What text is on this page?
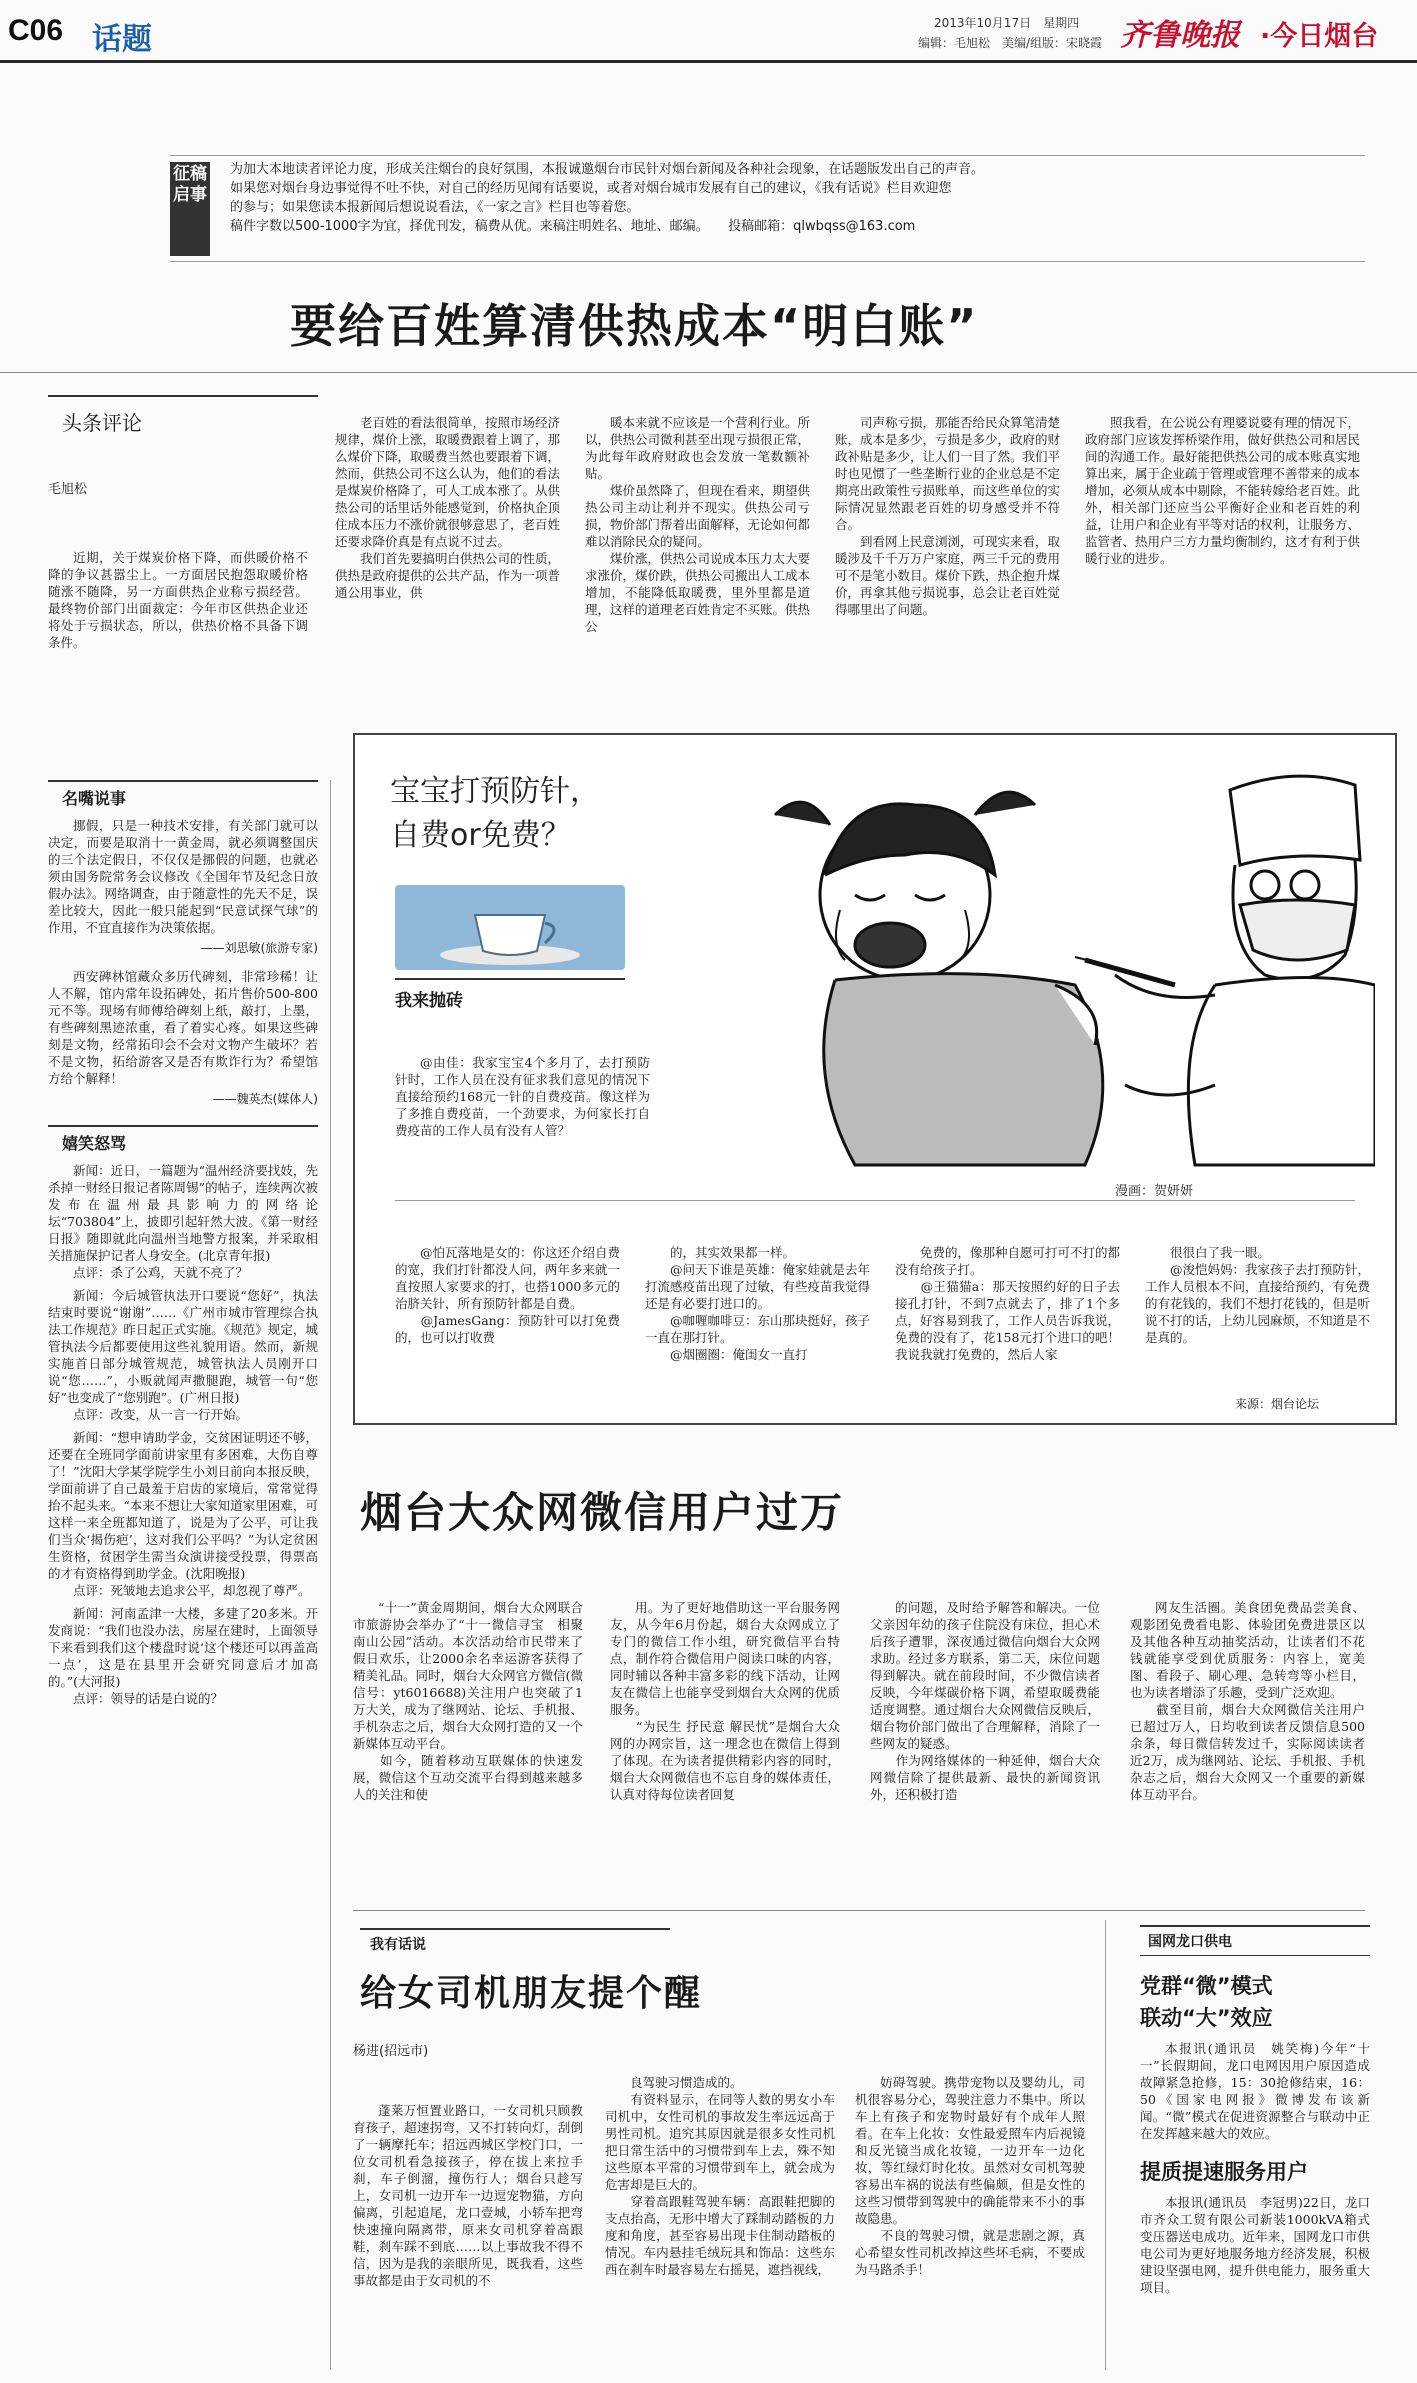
C06 话题	2013年10月17日　星期四
编辑：毛旭松　美编/组版：宋晓霞 齐鲁晚报 ·今日烟台
征稿启事
为加大本地读者评论力度，形成关注烟台的良好氛围，本报诚邀烟台市民针对烟台新闻及各种社会现象，在话题版发出自己的声音。
如果您对烟台身边事觉得不吐不快，对自己的经历见闻有话要说，或者对烟台城市发展有自己的建议，《我有话说》栏目欢迎您
的参与；如果您读本报新闻后想说说看法，《一家之言》栏目也等着您。
稿件字数以500-1000字为宜，择优刊发，稿费从优。来稿注明姓名、地址、邮编。　　投稿邮箱：qlwbqss@163.com
要给百姓算清供热成本“明白账”
头条评论
毛旭松

近期，关于煤炭价格下降，而供暖价格不降的争议甚嚣尘上。一方面居民抱怨取暖价格随涨不随降，另一方面供热企业称亏损经营。最终物价部门出面裁定：今年市区供热企业还将处于亏损状态，所以，供热价格不具备下调条件。

老百姓的看法很简单，按照市场经济规律，煤价上涨，取暖费跟着上调了，那么煤价下降，取暖费当然也要跟着下调，然而，供热公司不这么认为，他们的看法是煤炭价格降了，可人工成本涨了。从供热公司的话里话外能感觉到，价格执企顶住成本压力不涨价就很够意思了，老百姓还要求降价真是有点说不过去。
　　我们首先要搞明白供热公司的性质，供热是政府提供的公共产品，作为一项普通公用事业，供

暖本来就不应该是一个营利行业。所以，供热公司微利甚至出现亏损很正常，为此每年政府财政也会发放一笔数额补贴。
　　煤价虽然降了，但现在看来，期望供热公司主动让利并不现实。供热公司亏损，物价部门帮着出面解释，无论如何都难以消除民众的疑问。
　　煤价涨，供热公司说成本压力太大要求涨价，煤价跌，供热公司搬出人工成本增加，不能降低取暖费，里外里都是道理，这样的道理老百姓肯定不买账。供热公

司声称亏损，那能否给民众算笔清楚账，成本是多少，亏损是多少，政府的财政补贴是多少，让人们一目了然。我们平时也见惯了一些垄断行业的企业总是不定期亮出政策性亏损账单，而这些单位的实际情况显然跟老百姓的切身感受并不符合。
　　到看网上民意浏浏，可现实来看，取暖涉及千千万万户家庭，两三千元的费用可不是笔小数目。煤价下跌，热企抱升煤价，再拿其他亏损说事，总会让老百姓觉得哪里出了问题。

照我看，在公说公有理婆说婆有理的情况下，政府部门应该发挥桥梁作用，做好供热公司和居民间的沟通工作。最好能把供热公司的成本账真实地算出来，属于企业疏于管理或管理不善带来的成本增加，必须从成本中剔除，不能转嫁给老百姓。此外，相关部门还应当公平衡好企业和老百姓的利益，让用户和企业有平等对话的权利，让服务方、监管者、热用户三方力量均衡制约，这才有利于供暖行业的进步。

名嘴说事

挪假，只是一种技术安排，有关部门就可以决定，而要是取消十一黄金周，就必须调整国庆的三个法定假日，不仅仅是挪假的问题，也就必须由国务院常务会议修改《全国年节及纪念日放假办法》。网络调查，由于随意性的先天不足，误差比较大，因此一般只能起到“民意试探气球”的作用，不宜直接作为决策依据。

——刘思敏(旅游专家)

西安碑林馆藏众多历代碑刻，非常珍稀！让人不解，馆内常年设拓碑处，拓片售价500-800元不等。现场有师傅给碑刻上纸，敲打，上墨，有些碑刻黑迹浓重，看了着实心疼。如果这些碑刻是文物，经常拓印会不会对文物产生破坏？若不是文物，拓给游客又是否有欺诈行为？希望馆方给个解释！

——魏英杰(媒体人)
嬉笑怒骂

新闻：近日，一篇题为“温州经济要找妓，先杀掉一财经日报记者陈周锡”的帖子，连续两次被发布在温州最具影响力的网络论坛“703804”上，披即引起轩然大波。《第一财经日报》随即就此向温州当地警方报案，并采取相关措施保护记者人身安全。(北京青年报)

点评：杀了公鸡，天就不亮了？

新闻：今后城管执法开口要说“您好”，执法结束时要说“谢谢”……《广州市城市管理综合执法工作规范》昨日起正式实施。《规范》规定，城管执法今后都要使用这些礼貌用语。然而，新规实施首日部分城管规范，城管执法人员刚开口说“您……”，小贩就闻声撒腿跑，城管一句“您好”也变成了“您别跑”。(广州日报)

点评：改变，从一言一行开始。

新闻：“想申请助学金，交贫困证明还不够，还要在全班同学面前讲家里有多困难，大伤自尊了！”沈阳大学某学院学生小刘日前向本报反映，学面前讲了自己最羞于启齿的家境后，常常觉得抬不起头来。“本来不想让大家知道家里困难，可这样一来全班都知道了，说是为了公平，可让我们当众‘揭伤疤’，这对我们公平吗？”为认定贫困生资格，贫困学生需当众演讲接受投票，得票高的才有资格得到助学金。(沈阳晚报)

点评：死皱地去追求公平，却忽视了尊严。

新闻：河南孟津一大楼，多建了20多米。开发商说：“我们也没办法，房屋在建时，上面领导下来看到我们这个楼盘时说‘这个楼还可以再盖高一点’，这是在县里开会研究同意后才加高的。”(大河报)

点评：领导的话是白说的？

宝宝打预防针，
自费or免费？
我来抛砖

@由佳：我家宝宝4个多月了，去打预防针时，工作人员在没有征求我们意见的情况下直接给预约168元一针的自费疫苗。像这样为了多推自费疫苗，一个劲要求，为何家长打自费疫苗的工作人员有没有人管？

漫画：贺妍妍

@怕瓦落地是女的：你这还介绍自费的宽，我们打针都没人问，两年多来就一直按照人家要求的打，也搭1000多元的治脐关针，所有预防针都是自费。
　　@JamesGang：预防针可以打免费的，也可以打收费

的，其实效果都一样。
　　@问天下谁是英雄：俺家娃就是去年打流感疫苗出现了过敏，有些疫苗我觉得还是有必要打进口的。
　　@咖喱咖啡豆：东山那块挺好，孩子一直在那打针。
　　@烟圈圈：俺闺女一直打

免费的，像那种自愿可打可不打的都没有给孩子打。
　　@王猫猫a：那天按照约好的日子去接孔打针，不到7点就去了，排了1个多点，好容易到我了，工作人员告诉我说，免费的没有了，花158元打个进口的吧！我说我就打免费的，然后人家

很很白了我一眼。
　　@浚恺妈妈：我家孩子去打预防针，工作人员根本不问，直接给预约，有免费的有花钱的，我们不想打花钱的，但是听说不打的话，上幼儿园麻烦，不知道是不是真的。

来源：烟台论坛
烟台大众网微信用户过万

“十一”黄金周期间，烟台大众网联合市旅游协会举办了“十一微信寻宝　相聚南山公园”活动。本次活动给市民带来了假日欢乐，让2000余名幸运游客获得了精美礼品。同时，烟台大众网官方微信(微信号：yt6016688)关注用户也突破了1万大关，成为了继网站、论坛、手机报、手机杂志之后，烟台大众网打造的又一个新媒体互动平台。
　　如今，随着移动互联媒体的快速发展，微信这个互动交流平台得到越来越多人的关注和使

用。为了更好地借助这一平台服务网友，从今年6月份起，烟台大众网成立了专门的微信工作小组，研究微信平台特点，制作符合微信用户阅读口味的内容，同时辅以各种丰富多彩的线下活动，让网友在微信上也能享受到烟台大众网的优质服务。
　　“为民生 抒民意 解民忧”是烟台大众网的办网宗旨，这一理念也在微信上得到了体现。在为读者提供精彩内容的同时，烟台大众网微信也不忘自身的媒体责任，认真对待每位读者回复

的问题，及时给予解答和解决。一位父亲因年幼的孩子住院没有床位，担心术后孩子遭罪，深夜通过微信向烟台大众网求助。经过多方联系，第二天，床位问题得到解决。就在前段时间，不少微信读者反映，今年煤碳价格下调，希望取暖费能适度调整。通过烟台大众网微信反映后，烟台物价部门做出了合理解释，消除了一些网友的疑惑。
　　作为网络媒体的一种延伸，烟台大众网微信除了提供最新、最快的新闻资讯外，还积极打造

网友生活圈。美食团免费品尝美食、观影团免费看电影、体验团免费进景区以及其他各种互动抽奖活动，让读者们不花钱就能享受到优质服务：内容上，宽美图、看段子、刷心理、急转弯等小栏目，也为读者增添了乐趣，受到广泛欢迎。
　　截至目前，烟台大众网微信关注用户已超过万人，日均收到读者反馈信息500余条，每日微信转发过千，实际阅读读者近2万，成为继网站、论坛、手机报、手机杂志之后，烟台大众网又一个重要的新媒体互动平台。

我有话说
给女司机朋友提个醒
杨进(招远市)

蓬莱万恒置业路口，一女司机只顾教育孩子，超速拐弯，又不打转向灯，刮倒了一辆摩托车；招远西城区学校门口，一位女司机看急接孩子，停在拔上来拉手刹，车子倒溜，撞伤行人；烟台只趁写上，女司机一边开车一边逗宠物猫，方向偏离，引起追尾，龙口壹城，小轿车把弯快速撞向隔离带，原来女司机穿着高跟鞋，刹车踩不到底……以上事故我不得不信，因为是我的亲眼所见，既我看，这些事故都是由于女司机的不

良驾驶习惯造成的。
　　有资料显示，在同等人数的男女小车司机中，女性司机的事故发生率远远高于男性司机。追究其原因就是很多女性司机把日常生活中的习惯带到车上去，殊不知这些原本平常的习惯带到车上，就会成为危害却是巨大的。
　　穿着高跟鞋驾驶车辆：高跟鞋把脚的支点抬高，无形中增大了踩制动踏板的力度和角度，甚至容易出现卡住制动踏板的情况。车内悬挂毛绒玩具和饰品：这些东西在刹车时最容易左右摇晃，遮挡视线，

妨碍驾驶。携带宠物以及婴幼儿，司机很容易分心，驾驶注意力不集中。所以车上有孩子和宠物时最好有个成年人照看。在车上化妆：女性最爱照车内后视镜和反光镜当成化妆镜，一边开车一边化妆，等红绿灯时化妆。虽然对女司机驾驶容易出车祸的说法有些偏颇，但是女性的这些习惯带到驾驶中的确能带来不小的事故隐患。
　　不良的驾驶习惯，就是悲剧之源，真心希望女性司机改掉这些坏毛病，不要成为马路杀手！

国网龙口供电
党群“微”模式
联动“大”效应

本报讯(通讯员　姚笑梅)今年“十一”长假期间，龙口电网因用户原因造成故障紧急抢修，15：30抢修结束，16：50《国家电网报》微博发布该新闻。“微”模式在促进资源整合与联动中正在发挥越来越大的效应。

提质提速服务用户

本报讯(通讯员　李冠男)22日，龙口市齐众工贸有限公司新装1000kVA箱式变压器送电成功。近年来，国网龙口市供电公司为更好地服务地方经济发展，积极建设坚强电网，提升供电能力，服务重大项目。
